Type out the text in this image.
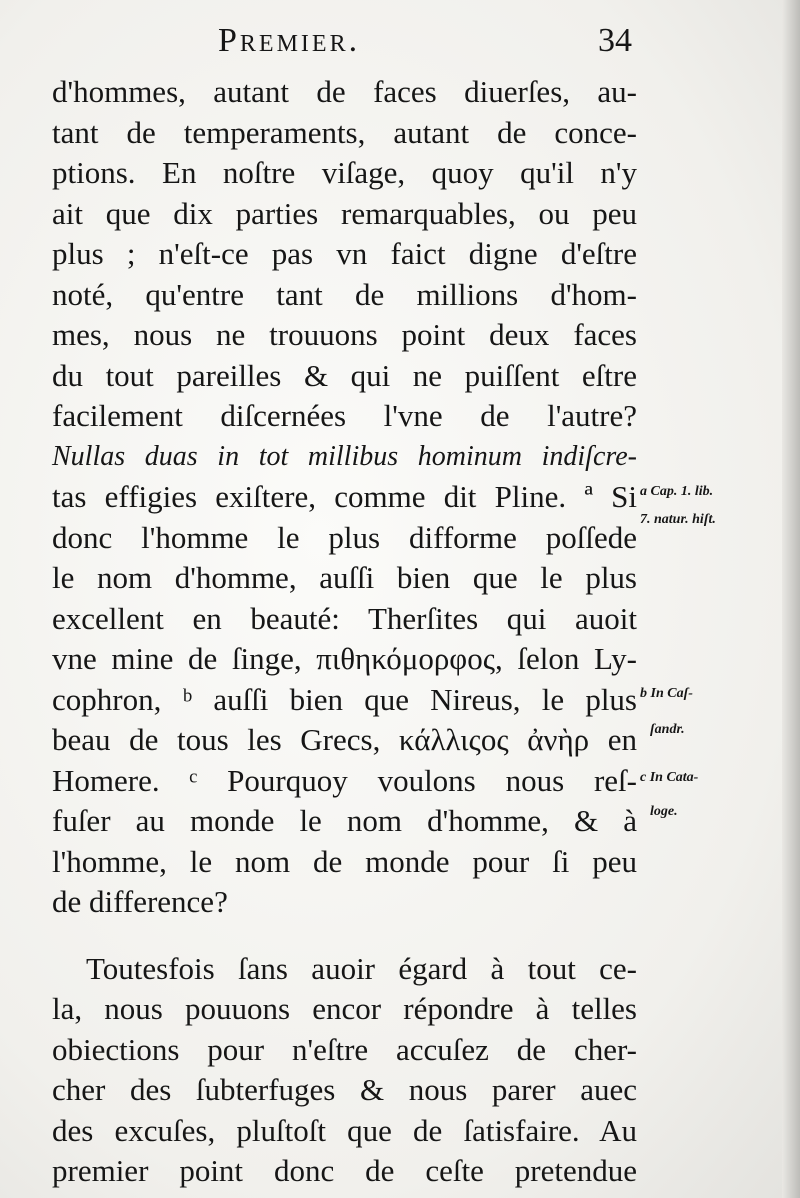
Premier.	34
d'hommes, autant de faces diuerſes, au-
tant de temperaments, autant de conce-
ptions. En noſtre viſage, quoy qu'il n'y
ait que dix parties remarquables, ou peu
plus ; n'eſt-ce pas vn faict digne d'eſtre
noté, qu'entre tant de millions d'hom-
mes, nous ne trouuons point deux faces
du tout pareilles & qui ne puiſſent eſtre
facilement diſcernées l'vne de l'autre?
Nullas duas in tot millibus hominum indiſcre-
tas effigies exiſtere, comme dit Pline. ª Si
donc l'homme le plus difforme poſſede
le nom d'homme, auſſi bien que le plus
excellent en beauté: Therſites qui auoit
vne mine de ſinge, πιθηκόμορφος, ſelon Ly-
cophron, ᵇ auſſi bien que Nireus, le plus
beau de tous les Grecs, κάλλιςος ἀνὴρ en
Homere. ᶜ Pourquoy voulons nous reſ-
fuſer au monde le nom d'homme, & à
l'homme, le nom de monde pour ſi peu
de difference?
Toutesfois ſans auoir égard à tout ce-
la, nous pouuons encor répondre à telles
obiections pour n'eſtre accuſez de cher-
cher des ſubterfuges & nous parer auec
des excuſes, pluſtoſt que de ſatisfaire. Au
premier point donc de ceſte pretendue
a Cap. 1. lib.
7. natur. hiſt.
b In Caſ-
ſandr.
c In Cata-
loge.
